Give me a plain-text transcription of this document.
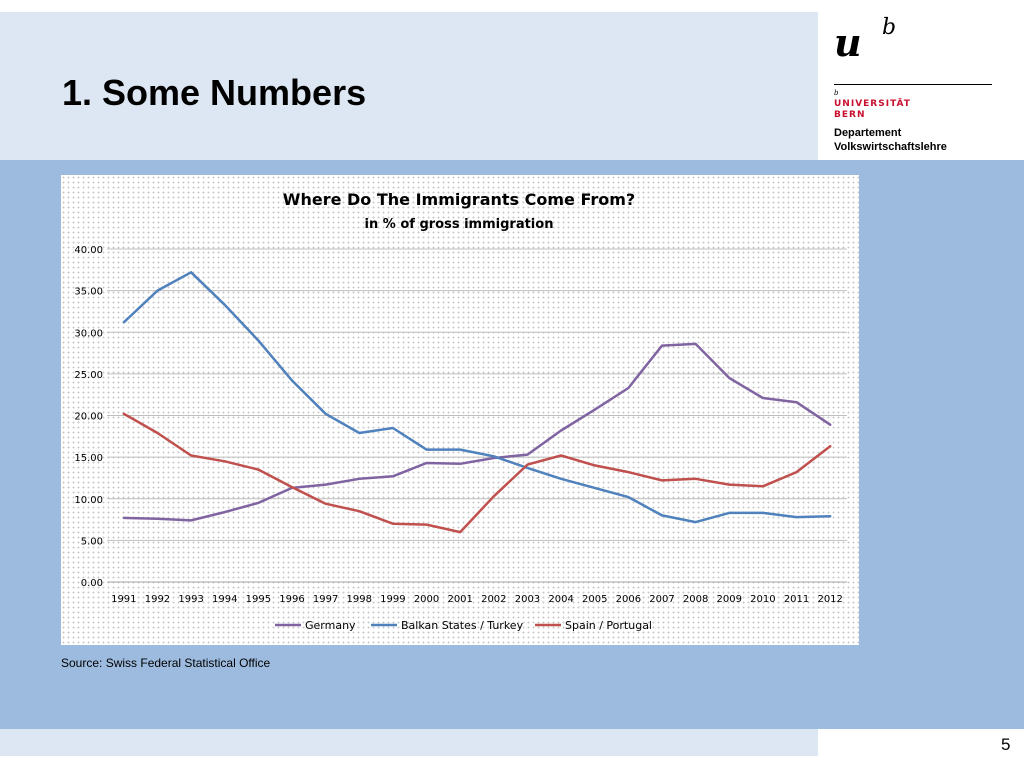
1. Some Numbers
u b
b
UNIVERSITÄT
BERN
Departement
Volkswirtschaftslehre
Where Do The Immigrants Come From?
in % of gross immigration
0.00
5.00
10.00
15.00
20.00
25.00
30.00
35.00
40.00
1991 1992 1993 1994 1995 1996 1997 1998 1999 2000 2001 2002 2003 2004 2005 2006 2007 2008 2009 2010 2011 2012
Germany	Balkan States / Turkey	Spain / Portugal
Source: Swiss Federal Statistical Office
5
